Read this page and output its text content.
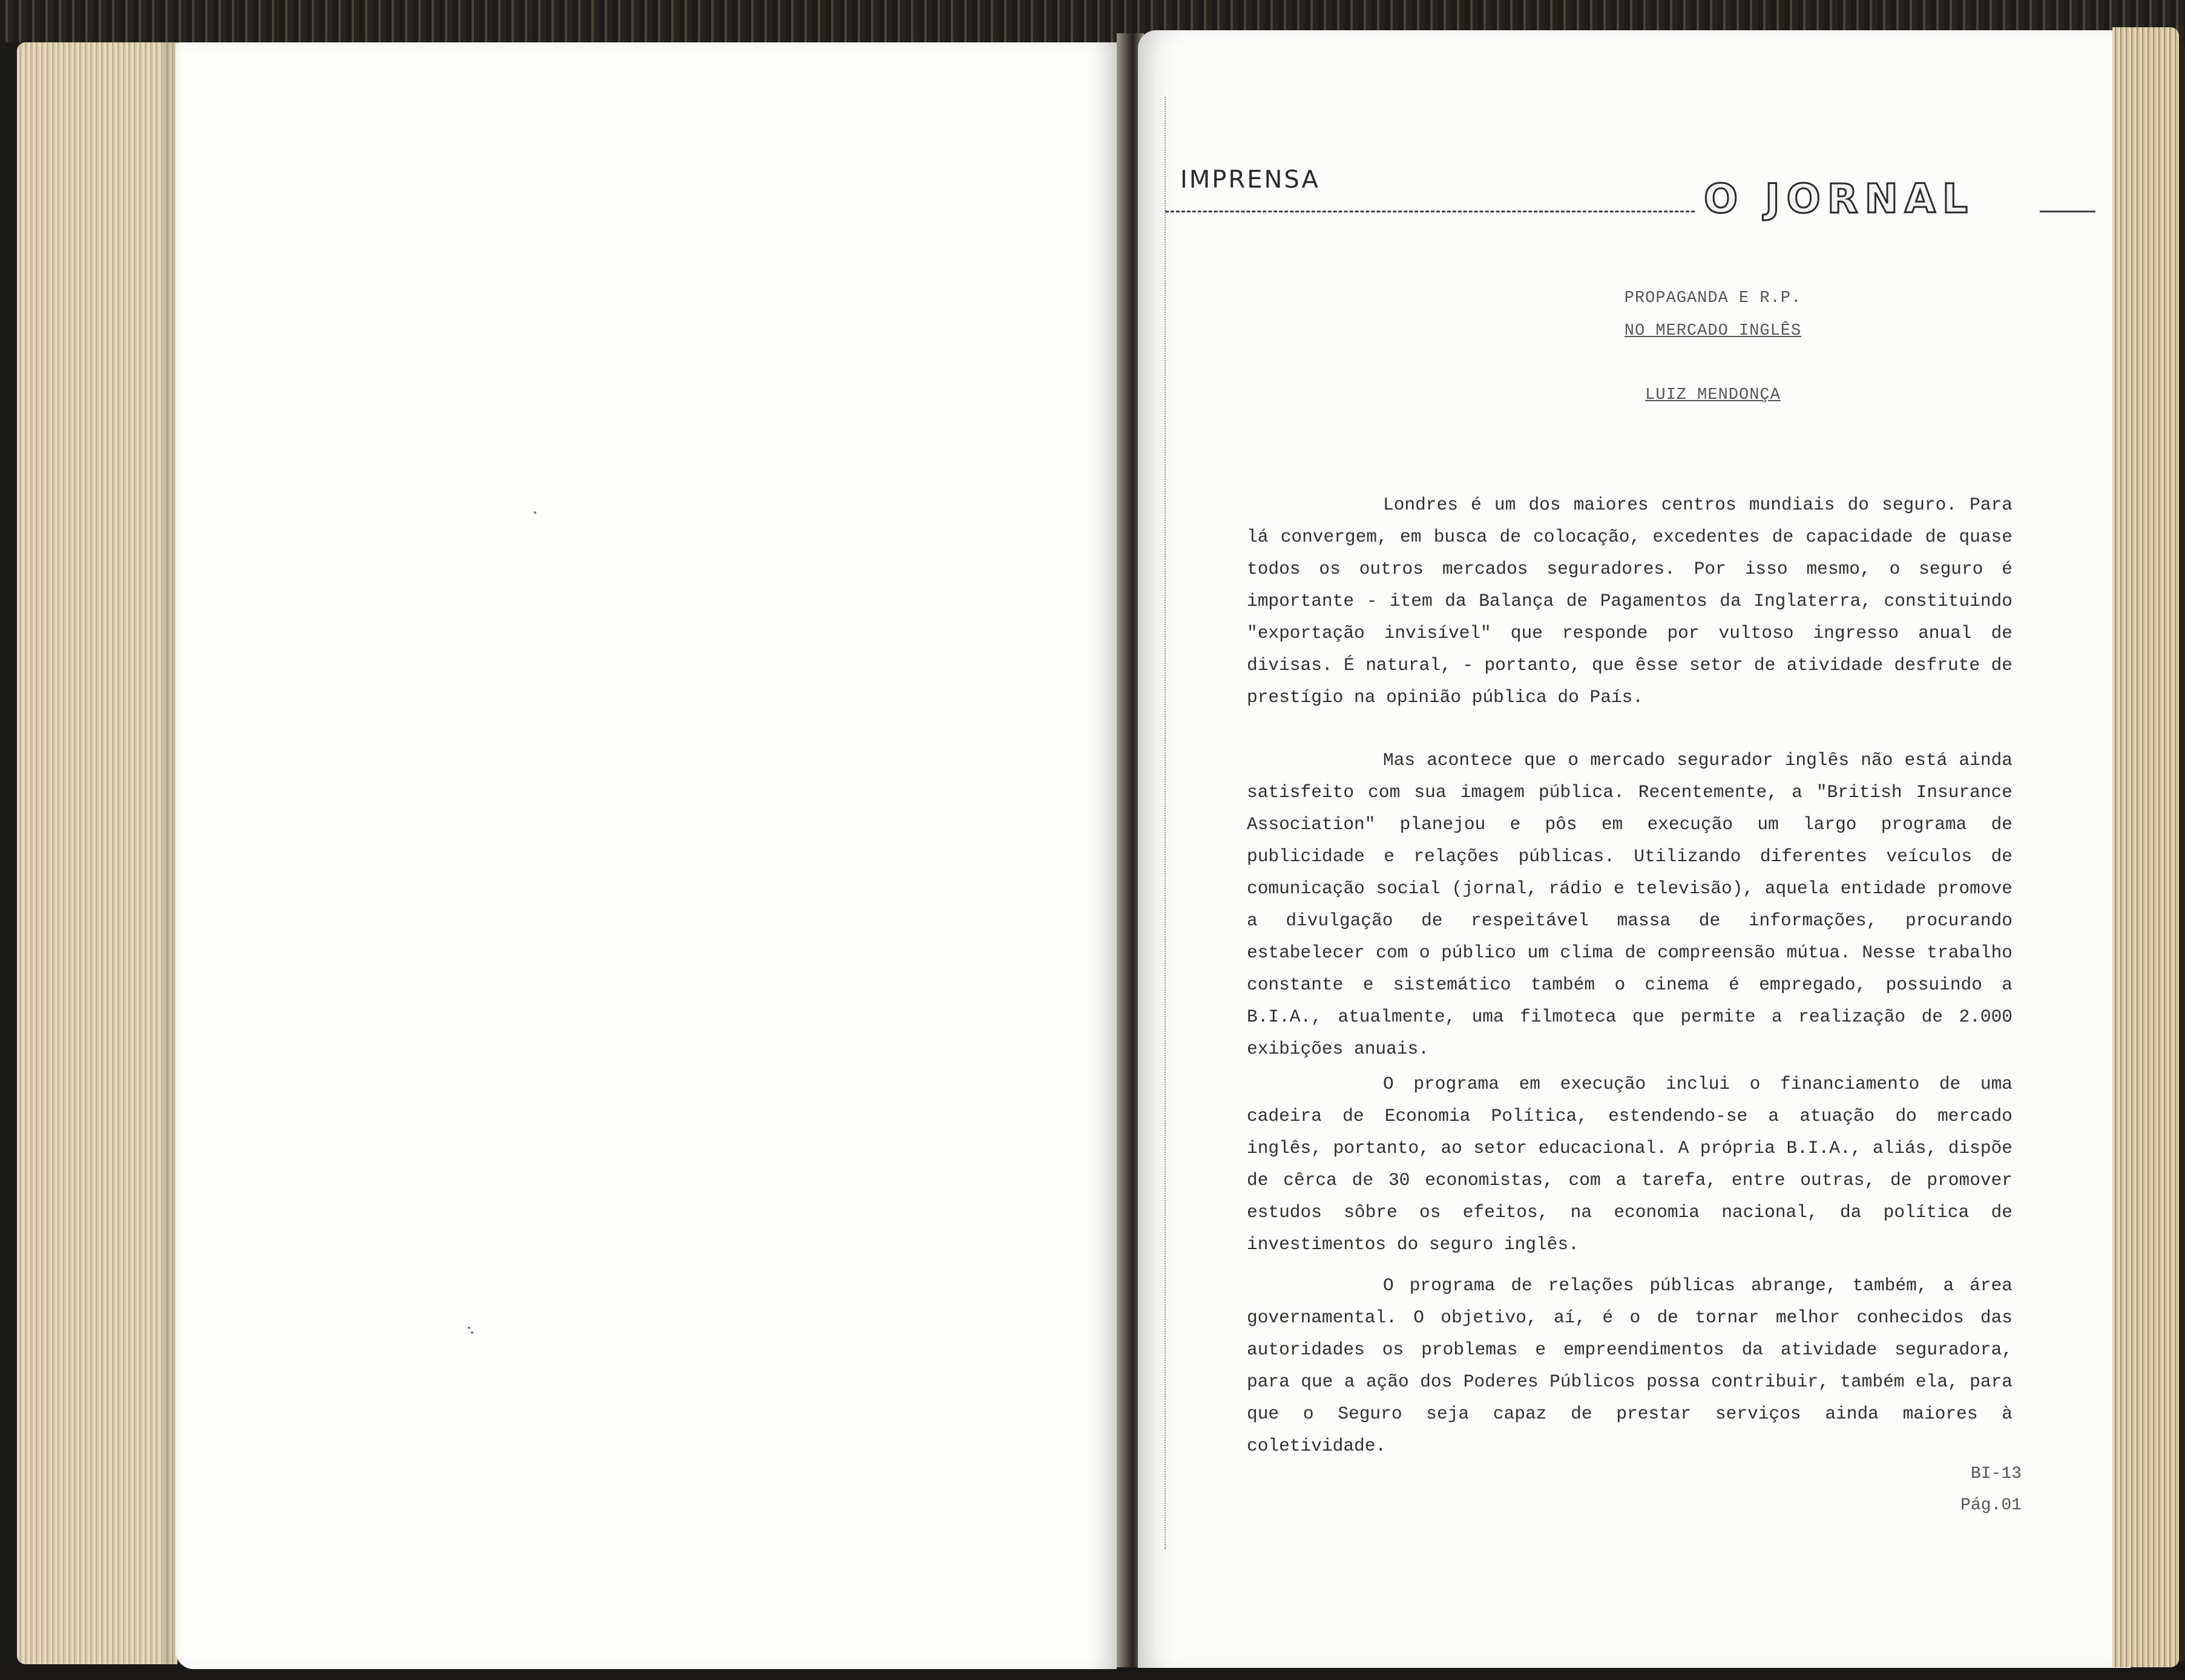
IMPRENSA	O JORNAL
PROPAGANDA E R.P.
NO MERCADO INGLÊS
LUIZ MENDONÇA

Londres é um dos maiores centros mundiais do seguro. Para lá convergem, em busca de colocação, excedentes de capacidade de quase todos os outros mercados seguradores. Por isso mesmo, o seguro é importante - item da Balança de Pagamentos da Inglaterra, constituindo "exportação invisível" que responde por vultoso ingresso anual de divisas. É natural, - portanto, que êsse setor de atividade desfrute de prestígio na opinião pública do País.

Mas acontece que o mercado segurador inglês não está ainda satisfeito com sua imagem pública. Recentemente, a "British Insurance Association" planejou e pôs em execução um largo programa de publicidade e relações públicas. Utilizando diferentes veículos de comunicação social (jornal, rádio e televisão), aquela entidade promove a divulgação de respeitável massa de informações, procurando estabelecer com o público um clima de compreensão mútua. Nesse trabalho constante e sistemático também o cinema é empregado, possuindo a B.I.A., atualmente, uma filmoteca que permite a realização de 2.000 exibições anuais.

O programa em execução inclui o financiamento de uma cadeira de Economia Política, estendendo-se a atuação do mercado inglês, portanto, ao setor educacional. A própria B.I.A., aliás, dispõe de cêrca de 30 economistas, com a tarefa, entre outras, de promover estudos sôbre os efeitos, na economia nacional, da política de investimentos do seguro inglês.

O programa de relações públicas abrange, também, a área governamental. O objetivo, aí, é o de tornar melhor conhecidos das autoridades os problemas e empreendimentos da atividade seguradora, para que a ação dos Poderes Públicos possa contribuir, também ela, para que o Seguro seja capaz de prestar serviços ainda maiores à coletividade.

BI-13
Pág.01
